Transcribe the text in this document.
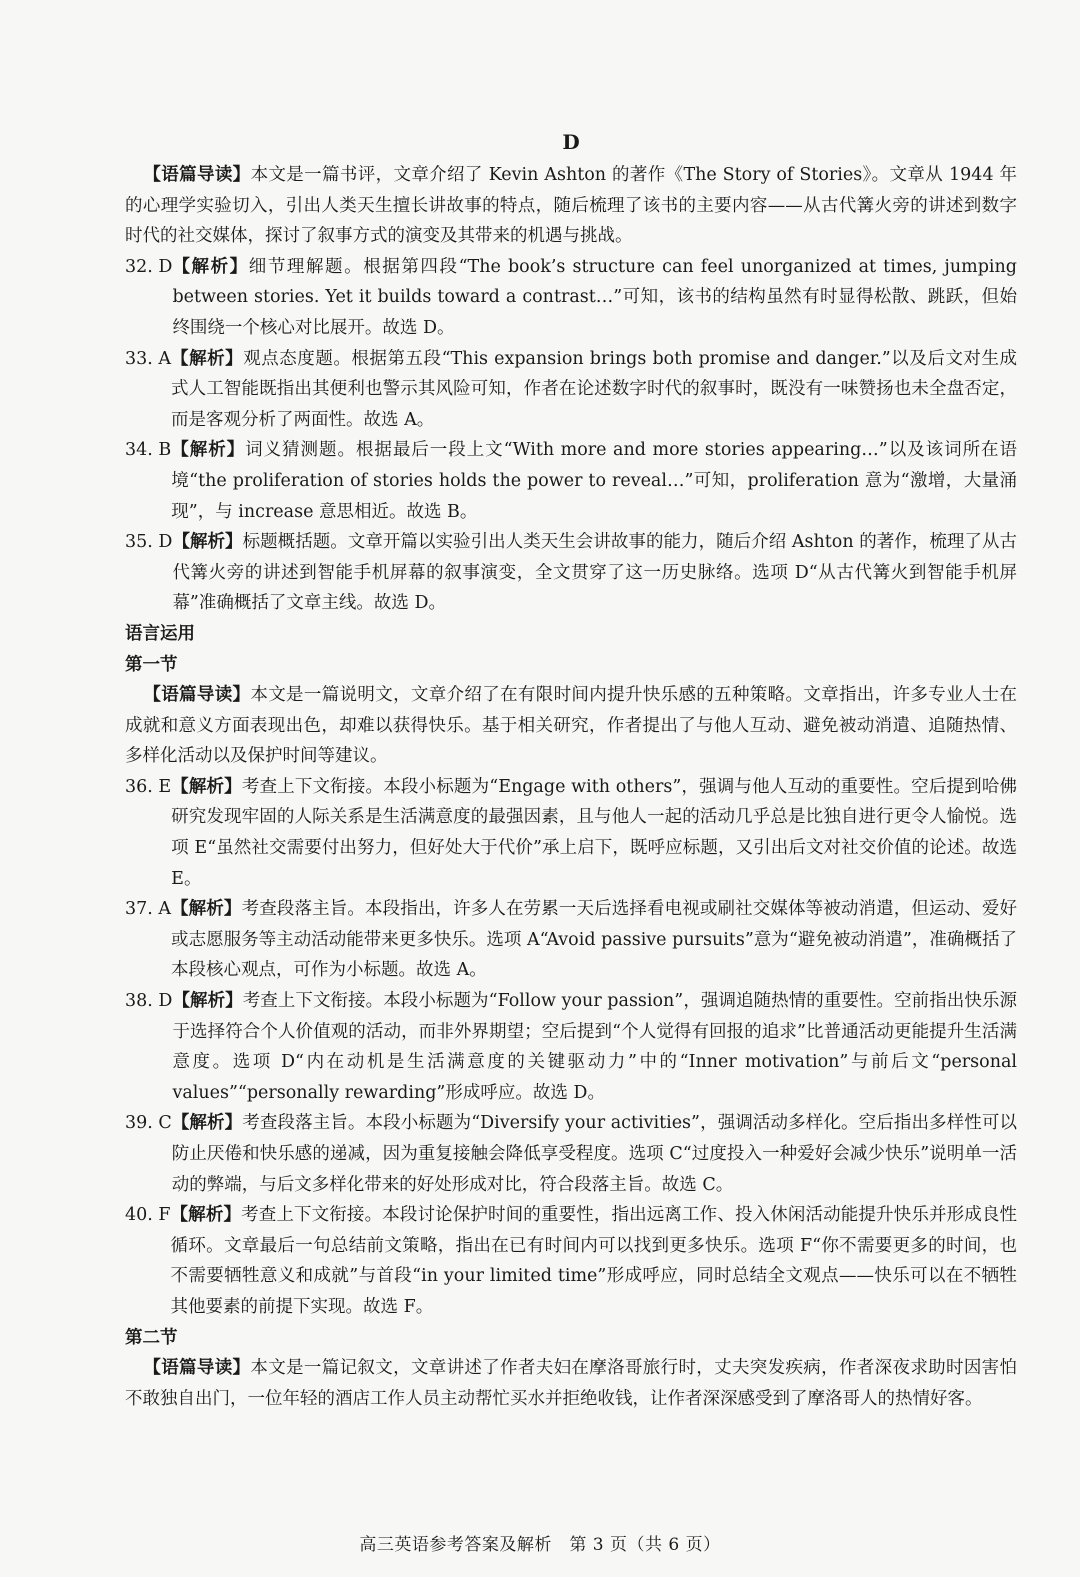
D
【语篇导读】本文是一篇书评，文章介绍了 Kevin Ashton 的著作《The Story of Stories》。文章从 1944 年的心理学实验切入，引出人类天生擅长讲故事的特点，随后梳理了该书的主要内容——从古代篝火旁的讲述到数字时代的社交媒体，探讨了叙事方式的演变及其带来的机遇与挑战。
32. D 【解析】细节理解题。根据第四段“The book’s structure can feel unorganized at times, jumping between stories. Yet it builds toward a contrast…”可知，该书的结构虽然有时显得松散、跳跃，但始终围绕一个核心对比展开。故选 D。
33. A 【解析】观点态度题。根据第五段“This expansion brings both promise and danger.”以及后文对生成式人工智能既指出其便利也警示其风险可知，作者在论述数字时代的叙事时，既没有一味赞扬也未全盘否定，而是客观分析了两面性。故选 A。
34. B 【解析】词义猜测题。根据最后一段上文“With more and more stories appearing…”以及该词所在语境“the proliferation of stories holds the power to reveal…”可知，proliferation 意为“激增，大量涌现”，与 increase 意思相近。故选 B。
35. D 【解析】标题概括题。文章开篇以实验引出人类天生会讲故事的能力，随后介绍 Ashton 的著作，梳理了从古代篝火旁的讲述到智能手机屏幕的叙事演变，全文贯穿了这一历史脉络。选项 D“从古代篝火到智能手机屏幕”准确概括了文章主线。故选 D。
语言运用
第一节
【语篇导读】本文是一篇说明文，文章介绍了在有限时间内提升快乐感的五种策略。文章指出，许多专业人士在成就和意义方面表现出色，却难以获得快乐。基于相关研究，作者提出了与他人互动、避免被动消遣、追随热情、多样化活动以及保护时间等建议。
36. E 【解析】考查上下文衔接。本段小标题为“Engage with others”，强调与他人互动的重要性。空后提到哈佛研究发现牢固的人际关系是生活满意度的最强因素，且与他人一起的活动几乎总是比独自进行更令人愉悦。选项 E“虽然社交需要付出努力，但好处大于代价”承上启下，既呼应标题，又引出后文对社交价值的论述。故选 E。
37. A 【解析】考查段落主旨。本段指出，许多人在劳累一天后选择看电视或刷社交媒体等被动消遣，但运动、爱好或志愿服务等主动活动能带来更多快乐。选项 A“Avoid passive pursuits”意为“避免被动消遣”，准确概括了本段核心观点，可作为小标题。故选 A。
38. D 【解析】考查上下文衔接。本段小标题为“Follow your passion”，强调追随热情的重要性。空前指出快乐源于选择符合个人价值观的活动，而非外界期望；空后提到“个人觉得有回报的追求”比普通活动更能提升生活满意度。选项 D“内在动机是生活满意度的关键驱动力”中的“Inner motivation”与前后文“personal values”“personally rewarding”形成呼应。故选 D。
39. C 【解析】考查段落主旨。本段小标题为“Diversify your activities”，强调活动多样化。空后指出多样性可以防止厌倦和快乐感的递减，因为重复接触会降低享受程度。选项 C“过度投入一种爱好会减少快乐”说明单一活动的弊端，与后文多样化带来的好处形成对比，符合段落主旨。故选 C。
40. F 【解析】考查上下文衔接。本段讨论保护时间的重要性，指出远离工作、投入休闲活动能提升快乐并形成良性循环。文章最后一句总结前文策略，指出在已有时间内可以找到更多快乐。选项 F“你不需要更多的时间，也不需要牺牲意义和成就”与首段“in your limited time”形成呼应，同时总结全文观点——快乐可以在不牺牲其他要素的前提下实现。故选 F。
第二节
【语篇导读】本文是一篇记叙文，文章讲述了作者夫妇在摩洛哥旅行时，丈夫突发疾病，作者深夜求助时因害怕不敢独自出门，一位年轻的酒店工作人员主动帮忙买水并拒绝收钱，让作者深深感受到了摩洛哥人的热情好客。
高三英语参考答案及解析　第 3 页（共 6 页）
